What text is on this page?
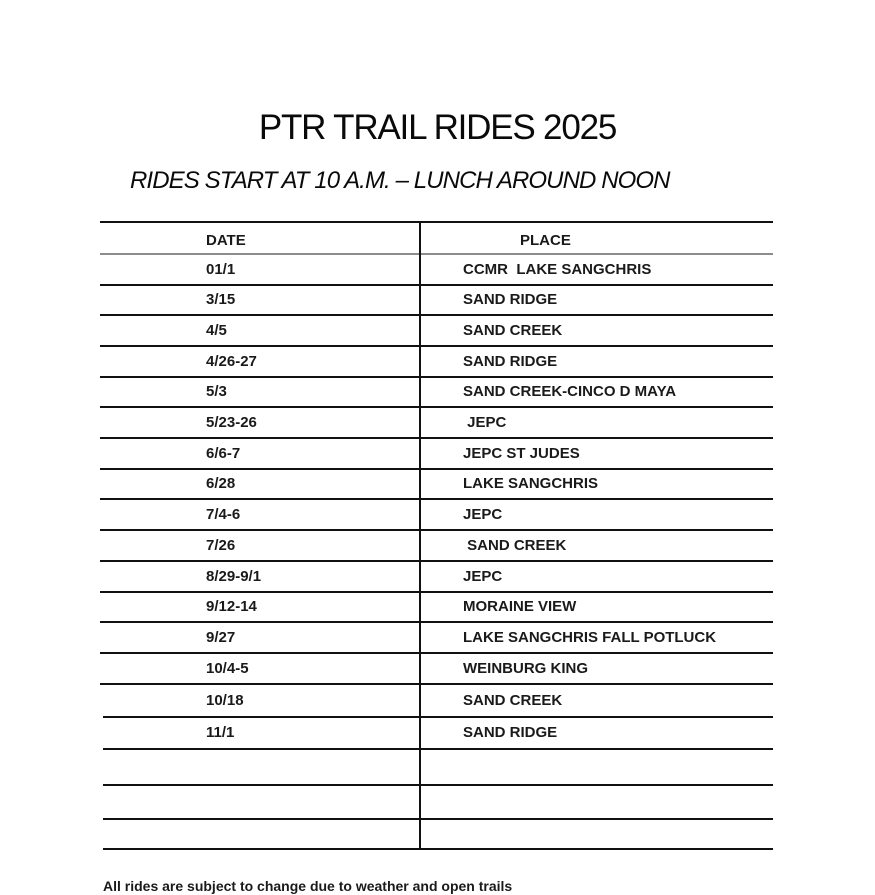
PTR TRAIL RIDES 2025
RIDES START AT 10 A.M. – LUNCH AROUND NOON
DATE	PLACE
01/1	CCMR  LAKE SANGCHRIS
3/15	SAND RIDGE
4/5	SAND CREEK
4/26-27	SAND RIDGE
5/3	SAND CREEK-CINCO D MAYA
5/23-26	JEPC
6/6-7	JEPC ST JUDES
6/28	LAKE SANGCHRIS
7/4-6	JEPC
7/26	SAND CREEK
8/29-9/1	JEPC
9/12-14	MORAINE VIEW
9/27	LAKE SANGCHRIS FALL POTLUCK
10/4-5	WEINBURG KING
10/18	SAND CREEK
11/1	SAND RIDGE
All rides are subject to change due to weather and open trails
